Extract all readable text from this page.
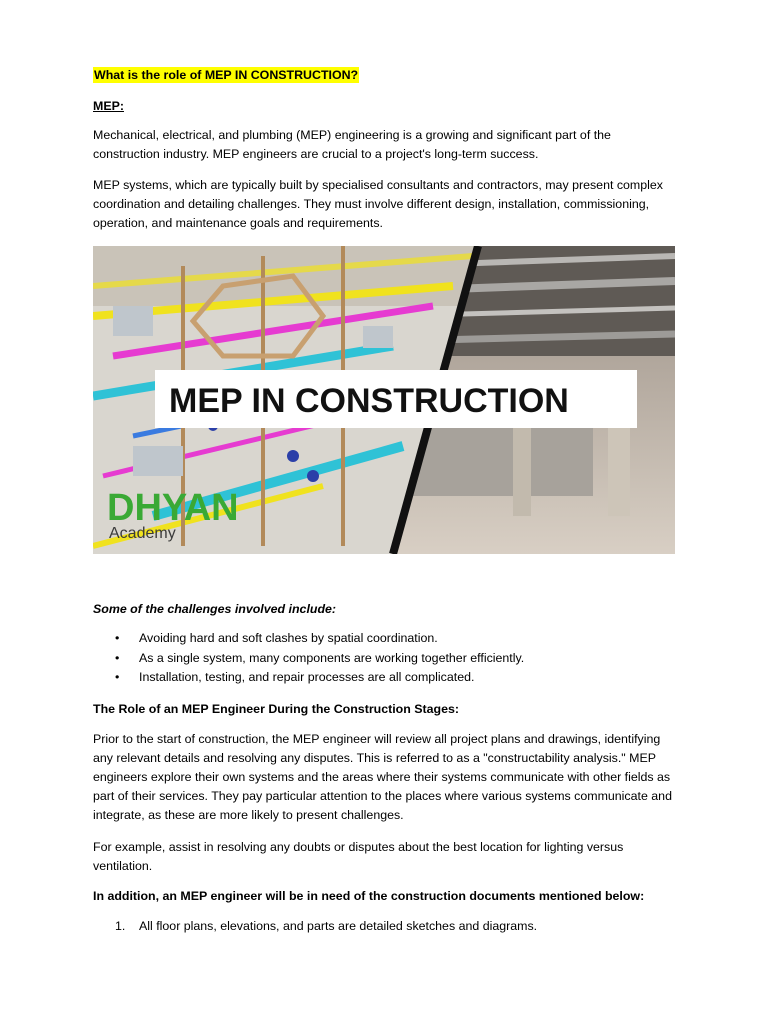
What is the role of MEP IN CONSTRUCTION?

MEP:

Mechanical, electrical, and plumbing (MEP) engineering is a growing and significant part of the construction industry. MEP engineers are crucial to a project's long-term success.

MEP systems, which are typically built by specialised consultants and contractors, may present complex coordination and detailing challenges. They must involve different design, installation, commissioning, operation, and maintenance goals and requirements.

MEP IN CONSTRUCTION
DHYAN
Academy

Some of the challenges involved include:

• Avoiding hard and soft clashes by spatial coordination.
• As a single system, many components are working together efficiently.
• Installation, testing, and repair processes are all complicated.

The Role of an MEP Engineer During the Construction Stages:

Prior to the start of construction, the MEP engineer will review all project plans and drawings, identifying any relevant details and resolving any disputes. This is referred to as a "constructability analysis." MEP engineers explore their own systems and the areas where their systems communicate with other fields as part of their services. They pay particular attention to the places where various systems communicate and integrate, as these are more likely to present challenges.

For example, assist in resolving any doubts or disputes about the best location for lighting versus ventilation.

In addition, an MEP engineer will be in need of the construction documents mentioned below:

1. All floor plans, elevations, and parts are detailed sketches and diagrams.
